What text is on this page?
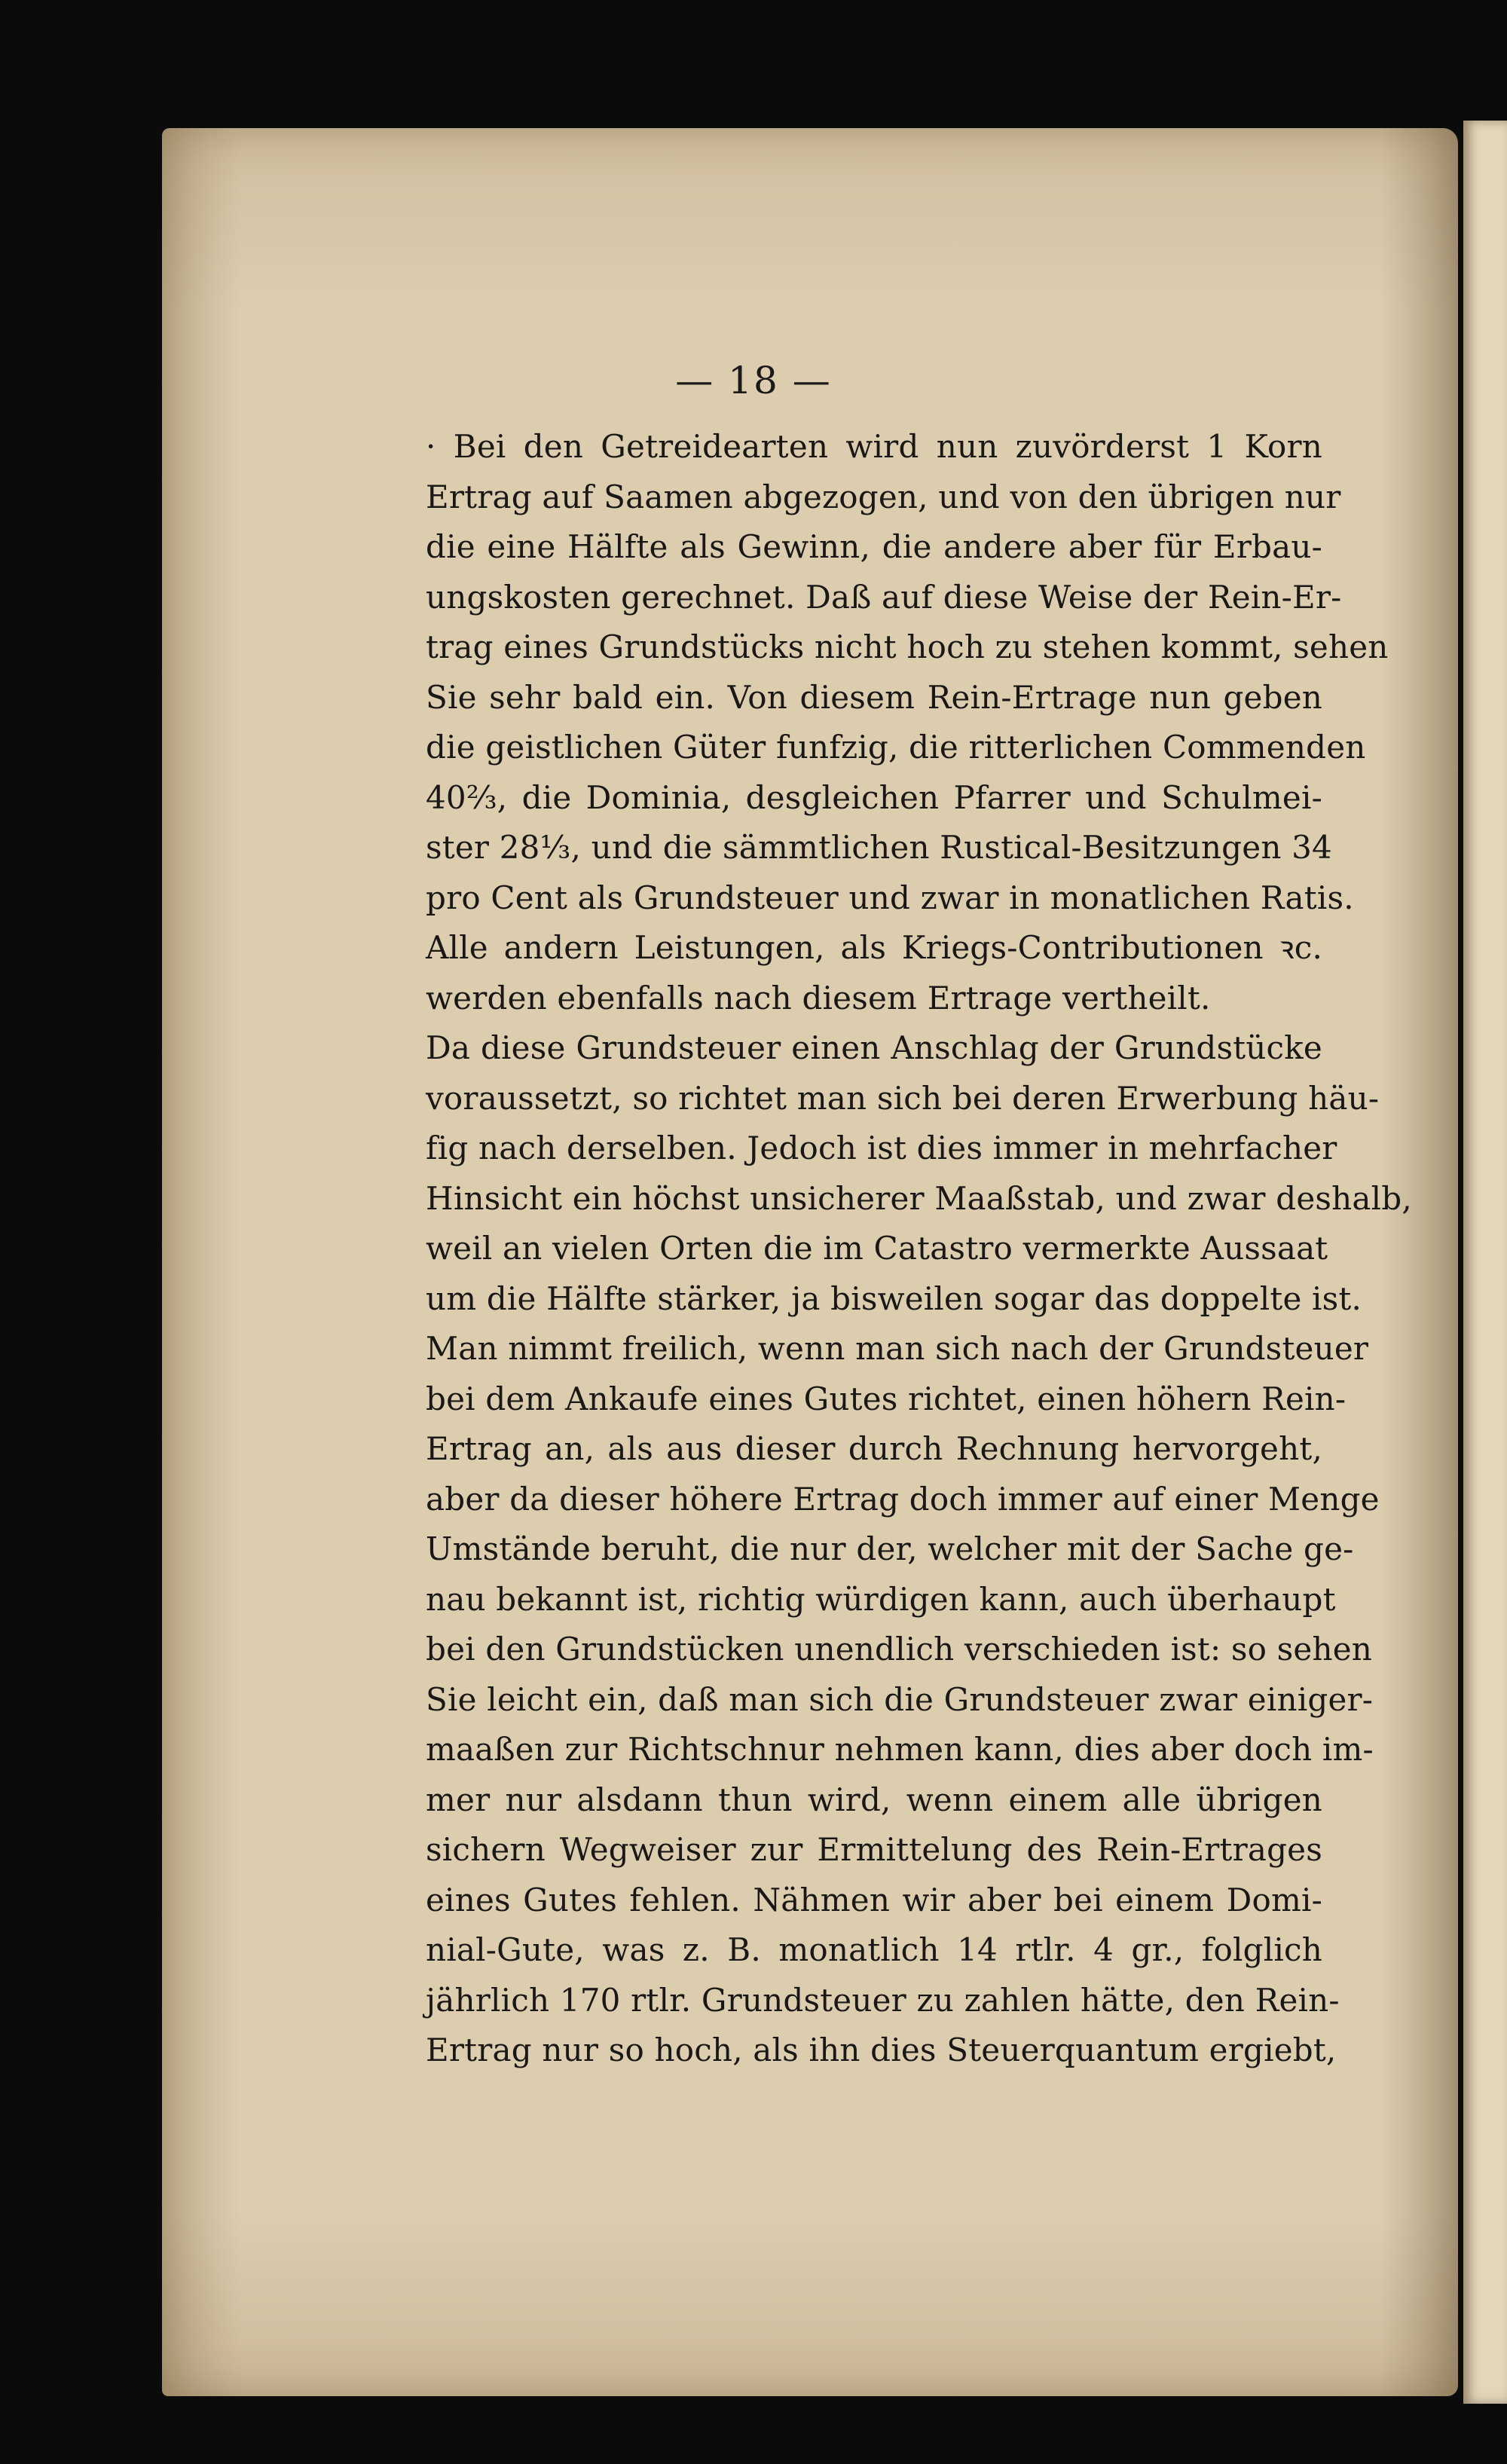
— 18 —
· Bei den Getreidearten wird nun zuvörderst 1 Korn
Ertrag auf Saamen abgezogen, und von den übrigen nur
die eine Hälfte als Gewinn, die andere aber für Erbau-
ungskosten gerechnet. Daß auf diese Weise der Rein-Er-
trag eines Grundstücks nicht hoch zu stehen kommt, sehen
Sie sehr bald ein. Von diesem Rein-Ertrage nun geben
die geistlichen Güter funfzig, die ritterlichen Commenden
40⅔, die Dominia, desgleichen Pfarrer und Schulmei-
ster 28⅓, und die sämmtlichen Rustical-Besitzungen 34
pro Cent als Grundsteuer und zwar in monatlichen Ratis.
Alle andern Leistungen, als Kriegs-Contributionen ꝛc.
werden ebenfalls nach diesem Ertrage vertheilt.
Da diese Grundsteuer einen Anschlag der Grundstücke
voraussetzt, so richtet man sich bei deren Erwerbung häu-
fig nach derselben. Jedoch ist dies immer in mehrfacher
Hinsicht ein höchst unsicherer Maaßstab, und zwar deshalb,
weil an vielen Orten die im Catastro vermerkte Aussaat
um die Hälfte stärker, ja bisweilen sogar das doppelte ist.
Man nimmt freilich, wenn man sich nach der Grundsteuer
bei dem Ankaufe eines Gutes richtet, einen höhern Rein-
Ertrag an, als aus dieser durch Rechnung hervorgeht,
aber da dieser höhere Ertrag doch immer auf einer Menge
Umstände beruht, die nur der, welcher mit der Sache ge-
nau bekannt ist, richtig würdigen kann, auch überhaupt
bei den Grundstücken unendlich verschieden ist: so sehen
Sie leicht ein, daß man sich die Grundsteuer zwar einiger-
maaßen zur Richtschnur nehmen kann, dies aber doch im-
mer nur alsdann thun wird, wenn einem alle übrigen
sichern Wegweiser zur Ermittelung des Rein-Ertrages
eines Gutes fehlen. Nähmen wir aber bei einem Domi-
nial-Gute, was z. B. monatlich 14 rtlr. 4 gr., folglich
jährlich 170 rtlr. Grundsteuer zu zahlen hätte, den Rein-
Ertrag nur so hoch, als ihn dies Steuerquantum ergiebt,
